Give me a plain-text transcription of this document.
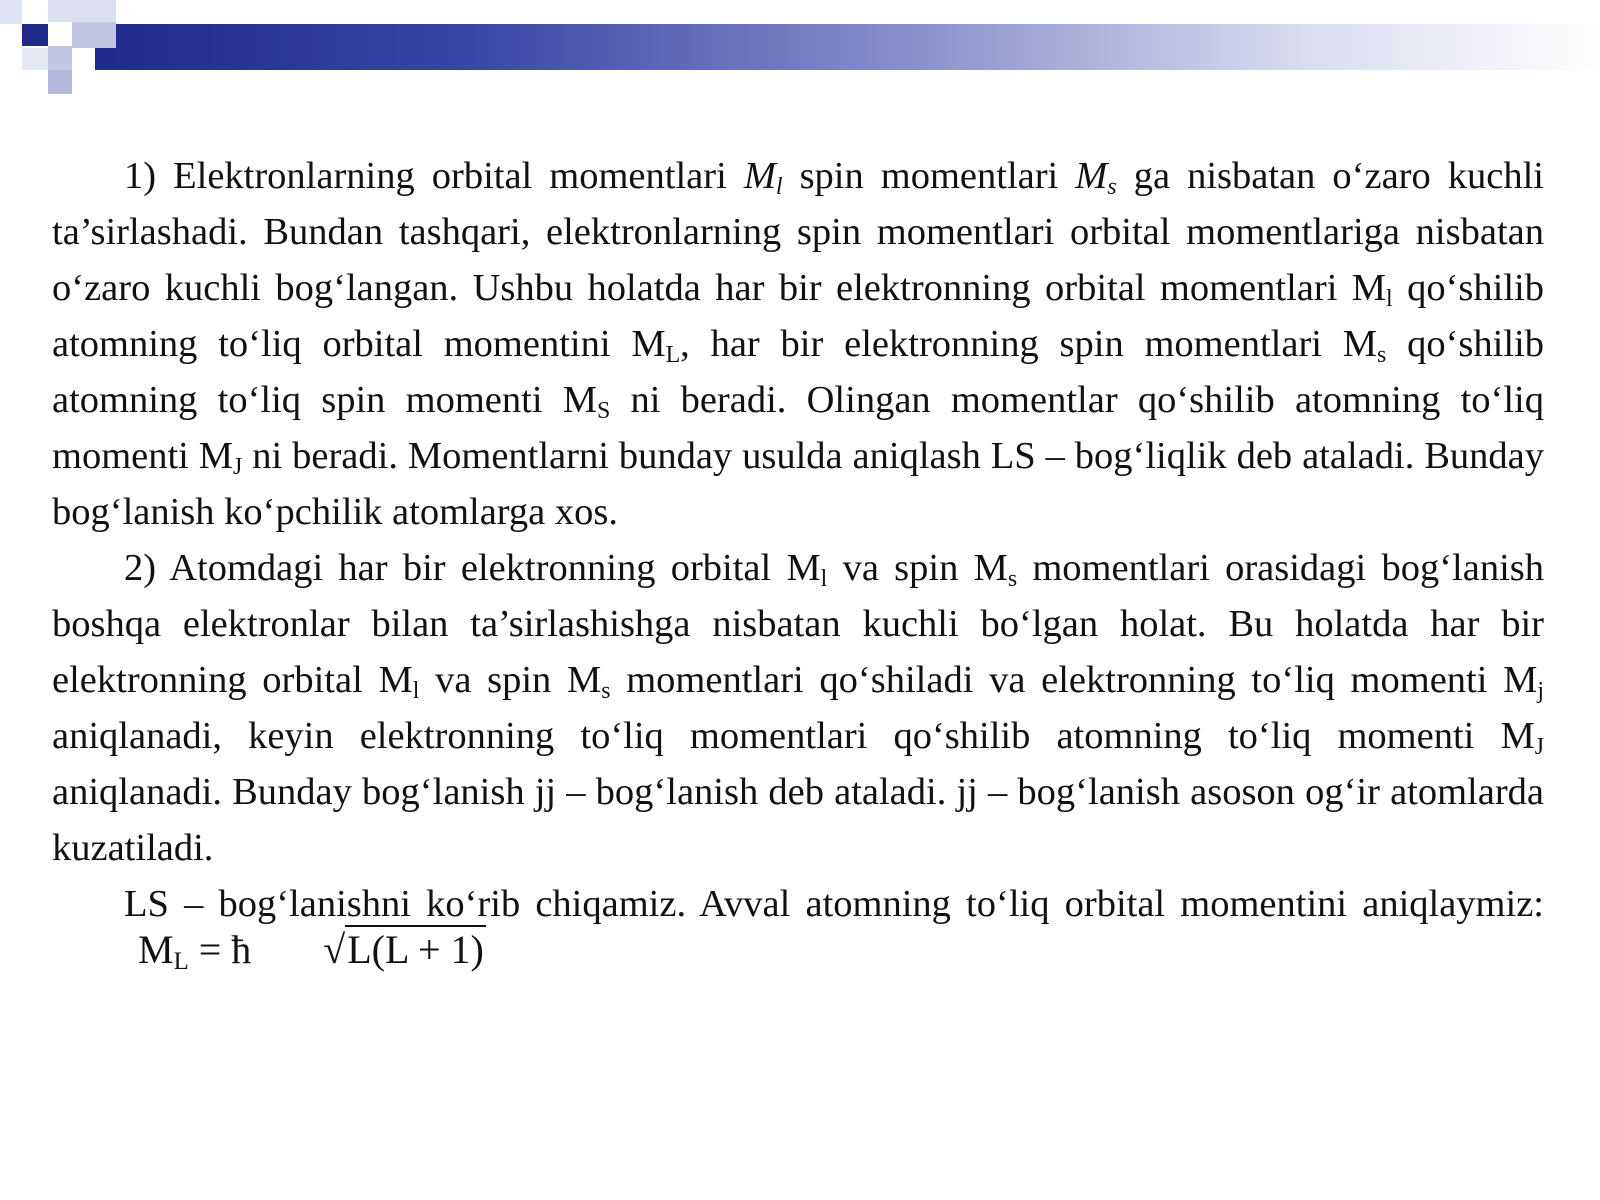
1) Elektronlarning orbital momentlari $M_l$ spin momentlari $M_s$ ga nisbatan o‘zaro kuchli ta’sirlashadi. Bundan tashqari, elektronlarning spin momentlari orbital momentlariga nisbatan o‘zaro kuchli bog‘langan. Ushbu holatda har bir elektronning orbital momentlari $M_l$ qo‘shilib atomning to‘liq orbital momentini $M_L$, har bir elektronning spin momentlari $M_s$ qo‘shilib atomning to‘liq spin momenti $M_S$ ni beradi. Olingan momentlar qo‘shilib atomning to‘liq momenti $M_J$ ni beradi. Momentlarni bunday usulda aniqlash LS – bog‘liqlik deb ataladi. Bunday bog‘lanish ko‘pchilik atomlarga xos.

2) Atomdagi har bir elektronning orbital $M_l$ va spin $M_s$ momentlari orasidagi bog‘lanish boshqa elektronlar bilan ta’sirlashishga nisbatan kuchli bo‘lgan holat. Bu holatda har bir elektronning orbital $M_l$ va spin $M_s$ momentlari qo‘shiladi va elektronning to‘liq momenti $M_j$ aniqlanadi, keyin elektronning to‘liq momentlari qo‘shilib atomning to‘liq momenti $M_J$ aniqlanadi. Bunday bog‘lanish jj – bog‘lanish deb ataladi. jj – bog‘lanish asoson og‘ir atomlarda kuzatiladi.

LS – bog‘lanishni ko‘rib chiqamiz. Avval atomning to‘liq orbital momentini $aniqlaymiz:M_L$ = ħ √L(L + 1)
